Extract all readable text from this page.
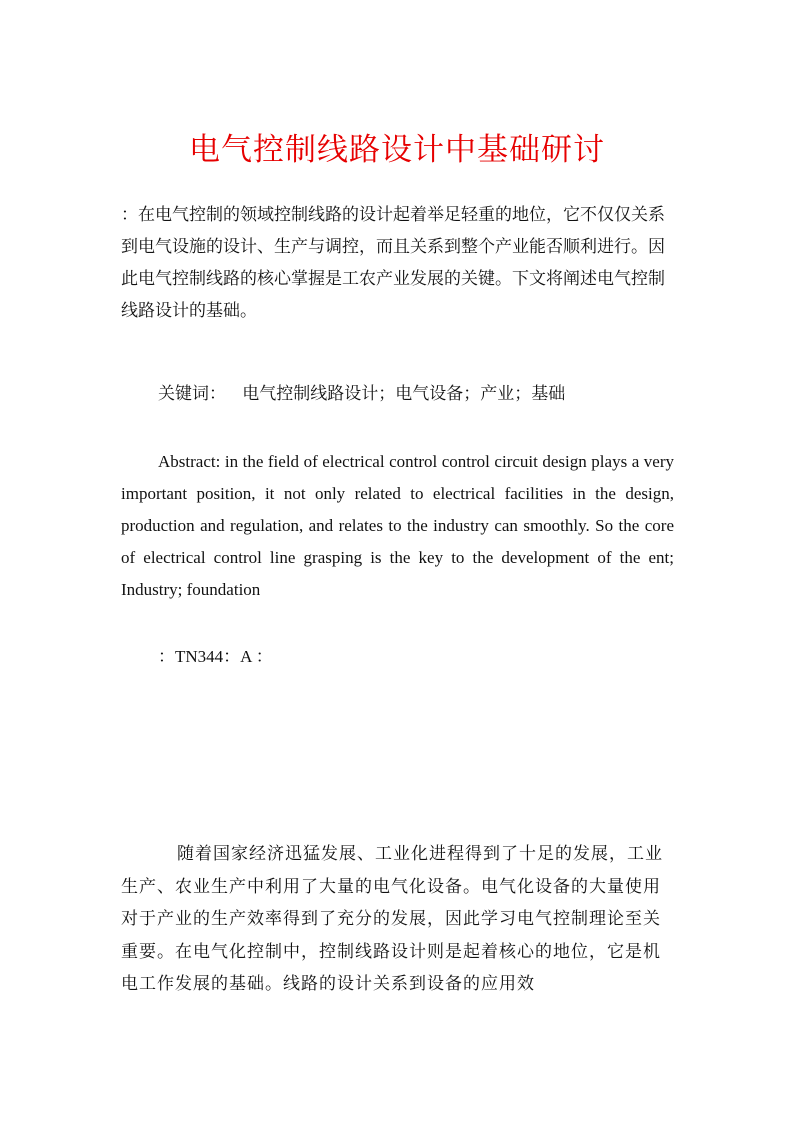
电气控制线路设计中基础研讨
：在电气控制的领域控制线路的设计起着举足轻重的地位，它不仅仅关系到电气设施的设计、生产与调控，而且关系到整个产业能否顺利进行。因此电气控制线路的核心掌握是工农产业发展的关键。下文将阐述电气控制线路设计的基础。
关键词：   电气控制线路设计；电气设备；产业；基础
Abstract: in the field of electrical control control circuit design plays a very important position, it not only related to electrical facilities in the design, production and regulation, and relates to the industry can smoothly. So the core of electrical control line grasping is the key to the development of the ent; Industry; foundation
：TN344：A ：
随着国家经济迅猛发展、工业化进程得到了十足的发展，工业生产、农业生产中利用了大量的电气化设备。电气化设备的大量使用对于产业的生产效率得到了充分的发展，因此学习电气控制理论至关重要。在电气化控制中，控制线路设计则是起着核心的地位，它是机电工作发展的基础。线路的设计关系到设备的应用效
